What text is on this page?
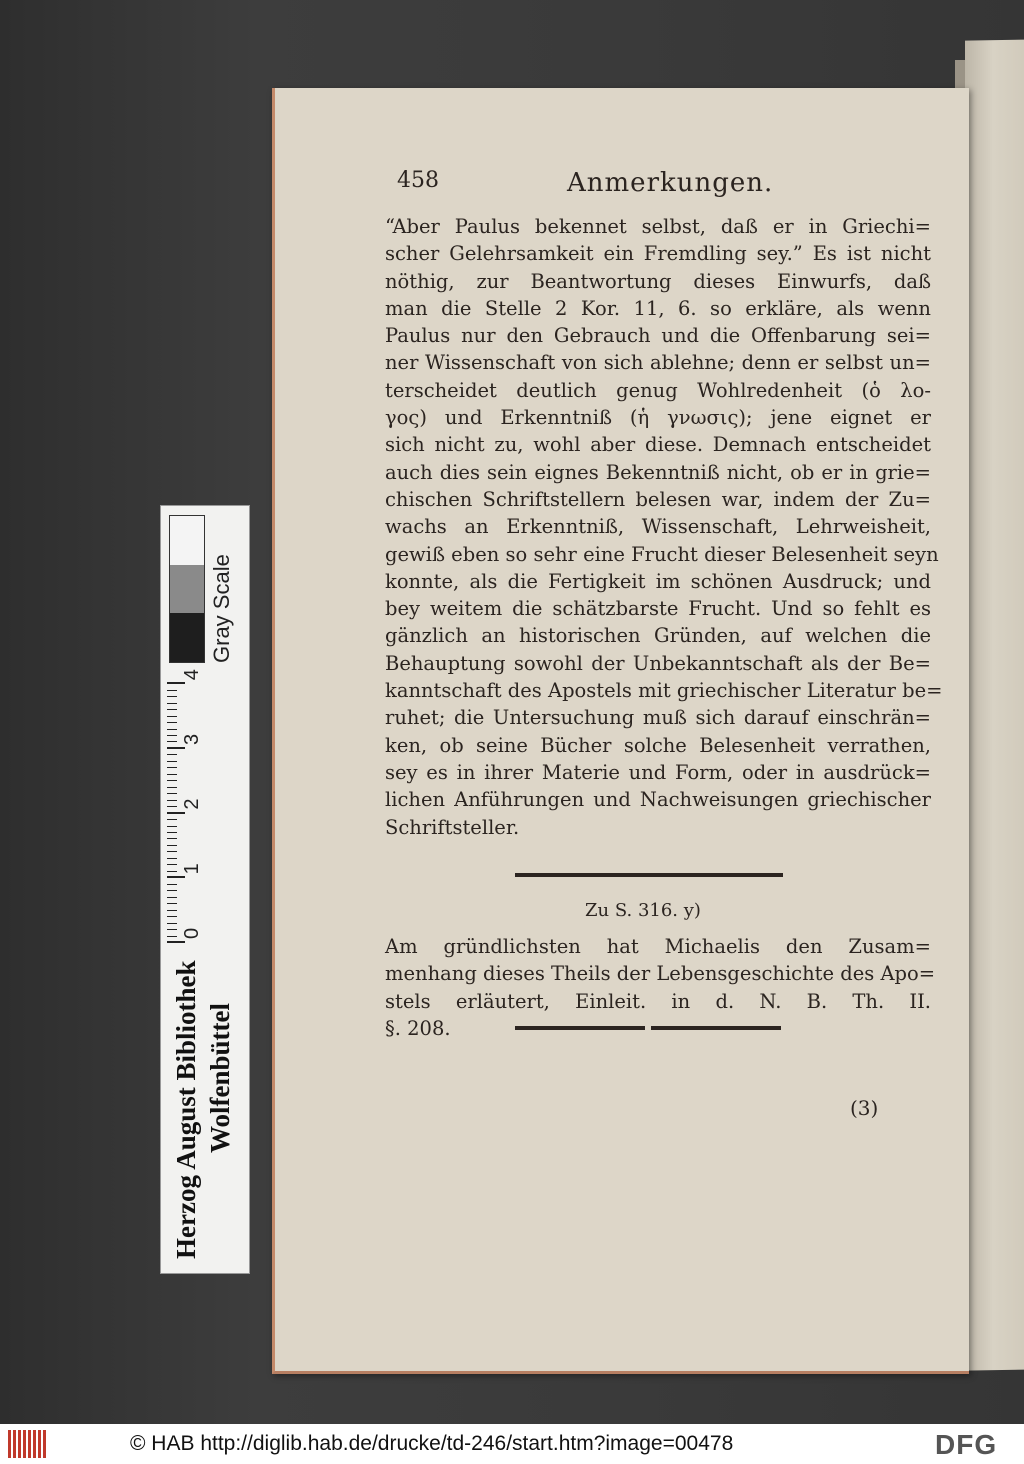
458	Anmerkungen.
“Aber Paulus bekennet selbst, daß er in Griechi=
scher Gelehrsamkeit ein Fremdling sey.” Es ist nicht
nöthig, zur Beantwortung dieses Einwurfs, daß
man die Stelle 2 Kor. 11, 6. so erkläre, als wenn
Paulus nur den Gebrauch und die Offenbarung sei=
ner Wissenschaft von sich ablehne; denn er selbst un=
terscheidet deutlich genug Wohlredenheit (ὁ λο-
γος) und Erkenntniß (ἡ γνωσις); jene eignet er
sich nicht zu, wohl aber diese. Demnach entscheidet
auch dies sein eignes Bekenntniß nicht, ob er in grie=
chischen Schriftstellern belesen war, indem der Zu=
wachs an Erkenntniß, Wissenschaft, Lehrweisheit,
gewiß eben so sehr eine Frucht dieser Belesenheit seyn
konnte, als die Fertigkeit im schönen Ausdruck; und
bey weitem die schätzbarste Frucht. Und so fehlt es
gänzlich an historischen Gründen, auf welchen die
Behauptung sowohl der Unbekanntschaft als der Be=
kanntschaft des Apostels mit griechischer Literatur be=
ruhet; die Untersuchung muß sich darauf einschrän=
ken, ob seine Bücher solche Belesenheit verrathen,
sey es in ihrer Materie und Form, oder in ausdrück=
lichen Anführungen und Nachweisungen griechischer
Schriftsteller.
Zu S. 316. y)
Am gründlichsten hat Michaelis den Zusam=
menhang dieses Theils der Lebensgeschichte des Apo=
stels erläutert, Einleit. in d. N. B. Th. II.
§. 208.
(3)
Herzog August Bibliothek Wolfenbüttel
0
1
2
3
4
Gray Scale
© HAB http://diglib.hab.de/drucke/td-246/start.htm?image=00478	DFG
